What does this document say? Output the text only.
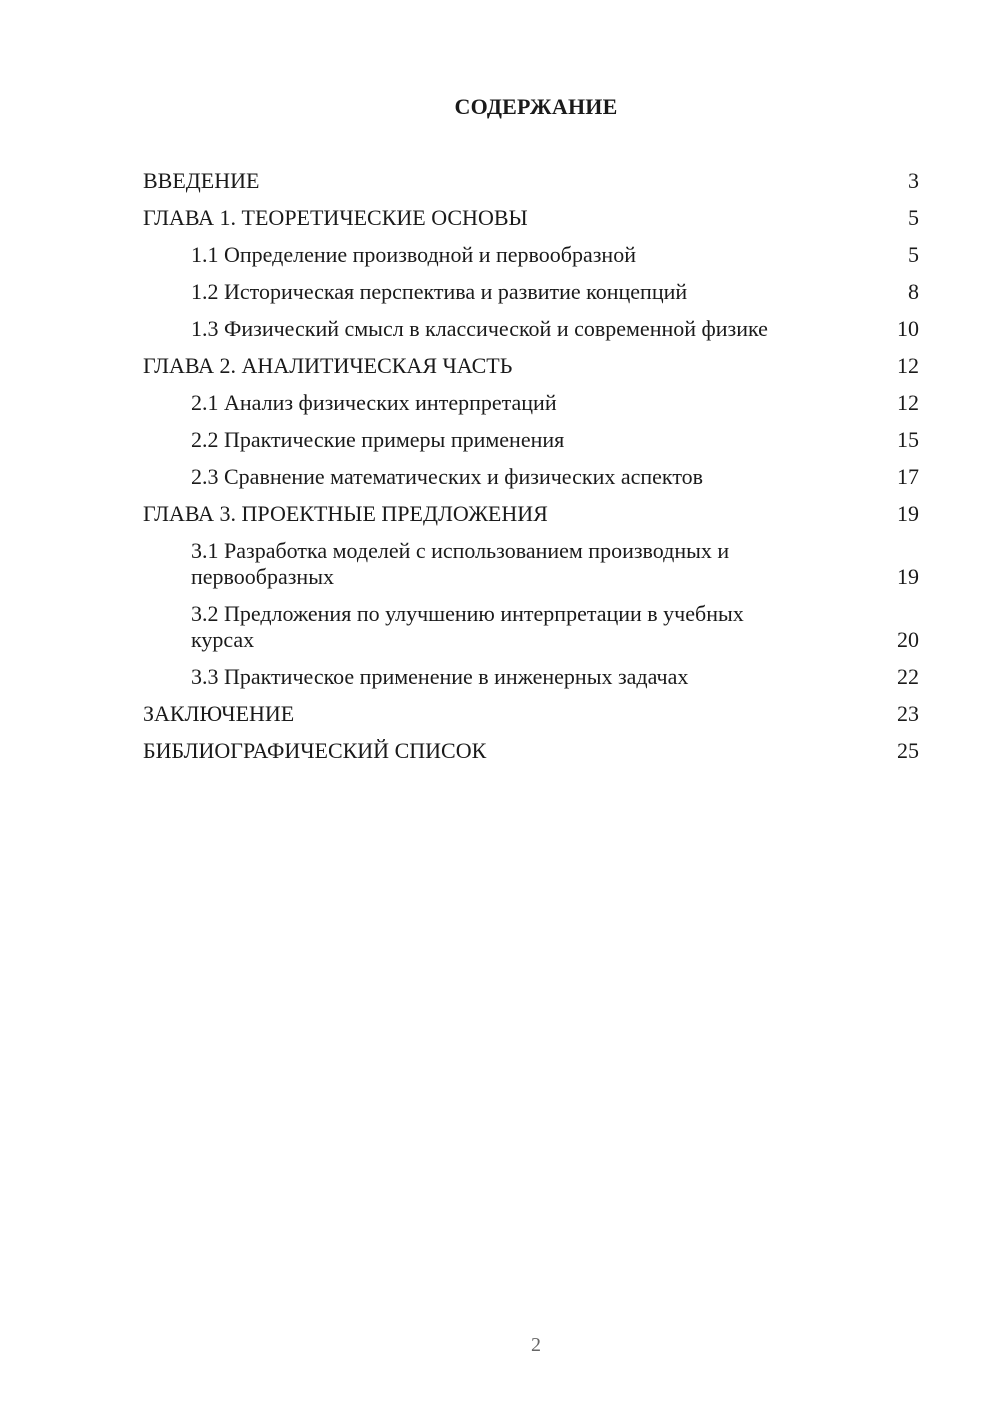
СОДЕРЖАНИЕ
ВВЕДЕНИЕ	3
ГЛАВА 1. ТЕОРЕТИЧЕСКИЕ ОСНОВЫ	5
1.1 Определение производной и первообразной	5
1.2 Историческая перспектива и развитие концепций	8
1.3 Физический смысл в классической и современной физике	10
ГЛАВА 2. АНАЛИТИЧЕСКАЯ ЧАСТЬ	12
2.1 Анализ физических интерпретаций	12
2.2 Практические примеры применения	15
2.3 Сравнение математических и физических аспектов	17
ГЛАВА 3. ПРОЕКТНЫЕ ПРЕДЛОЖЕНИЯ	19
3.1 Разработка моделей с использованием производных и первообразных	19
3.2 Предложения по улучшению интерпретации в учебных курсах	20
3.3 Практическое применение в инженерных задачах	22
ЗАКЛЮЧЕНИЕ	23
БИБЛИОГРАФИЧЕСКИЙ СПИСОК	25
2
